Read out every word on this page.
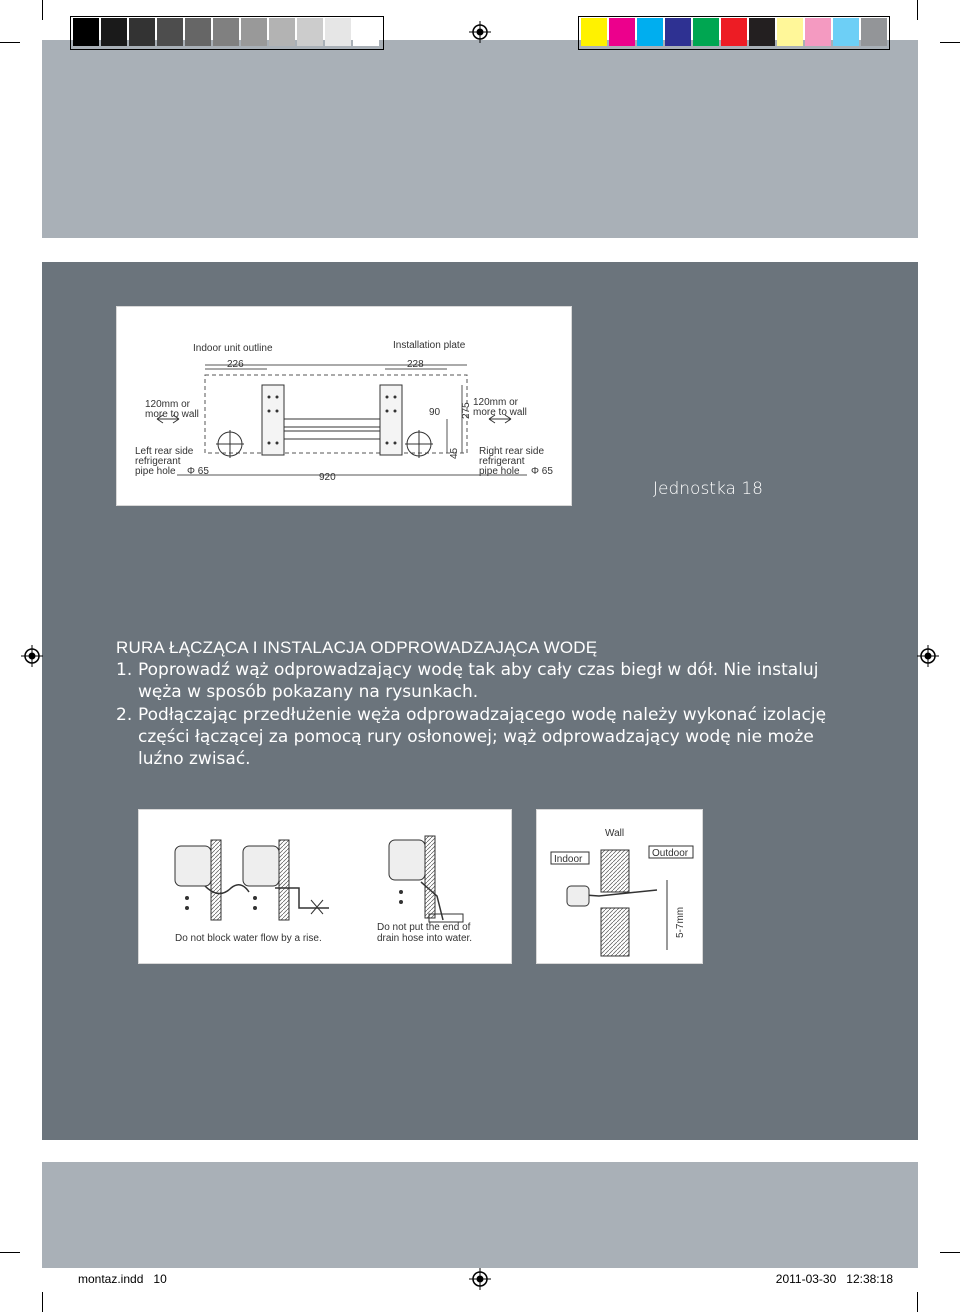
Indoor unit outline	Installation plate
226	228
90 275
45
920
120mm or
more to wall
120mm or
more to wall
Left rear side
refrigerant
pipe hole Φ 65
Right rear side
refrigerant
pipe hole Φ 65
Jednostka 18
RURA ŁĄCZĄCA I INSTALACJA ODPROWADZAJĄCA WODĘ
1. Poprowadź wąż odprowadzający wodę tak aby cały czas biegł w dół. Nie instaluj węża w sposób pokazany na rysunkach.
2. Podłączając przedłużenie węża odprowadzającego wodę należy wykonać izolację części łączącej za pomocą rury osłonowej; wąż odprowadzający wodę nie może luźno zwisać.
Do not block water flow by a rise.
Do not put the end of
drain hose into water.
Wall
Indoor
Outdoor
5-7mm
montaz.indd 10	2011-03-30 12:38:18
